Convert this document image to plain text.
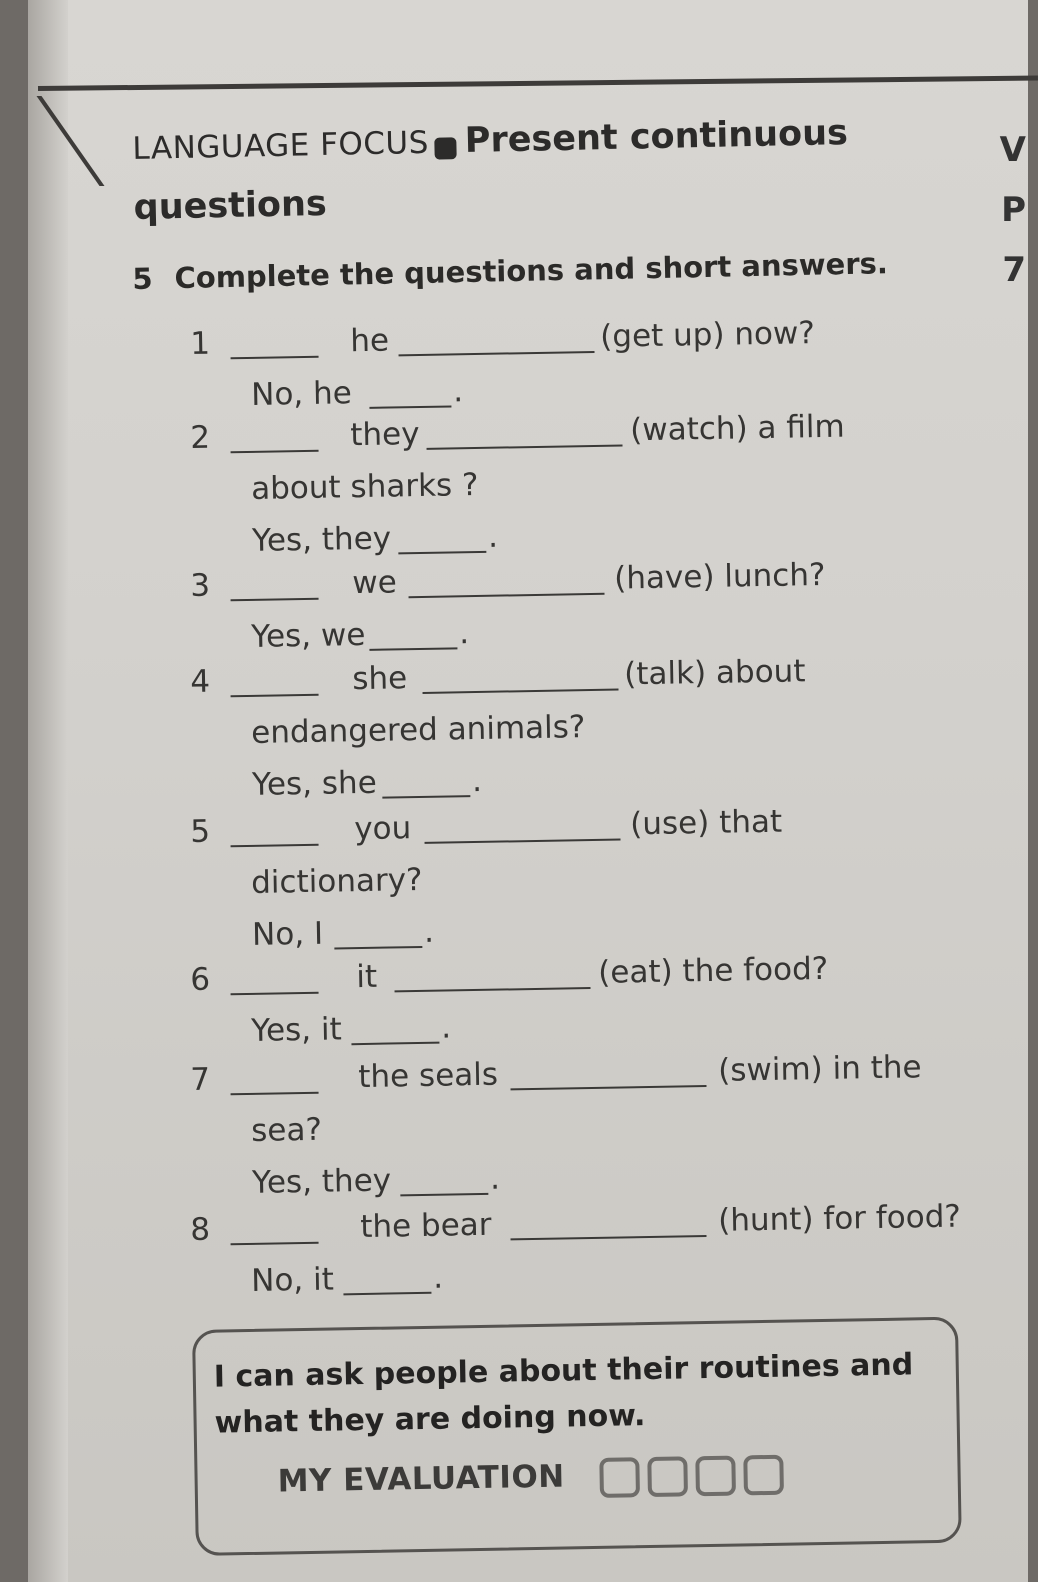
V
P
7
LANGUAGE FOCUS Present continuous
questions
5 Complete the questions and short answers.
1	he	(get up) now?
No, he	.
2	they	(watch) a film
about sharks ?
Yes, they	.
3	we	(have) lunch?
Yes, we	.
4	she	(talk) about
endangered animals?
Yes, she	.
5	you	(use) that
dictionary?
No, I	.
6	it	(eat) the food?
Yes, it	.
7	the seals	(swim) in the
sea?
Yes, they	.
8	the bear	(hunt) for food?
No, it	.
I can ask people about their routines and what they are doing now.
MY EVALUATION
